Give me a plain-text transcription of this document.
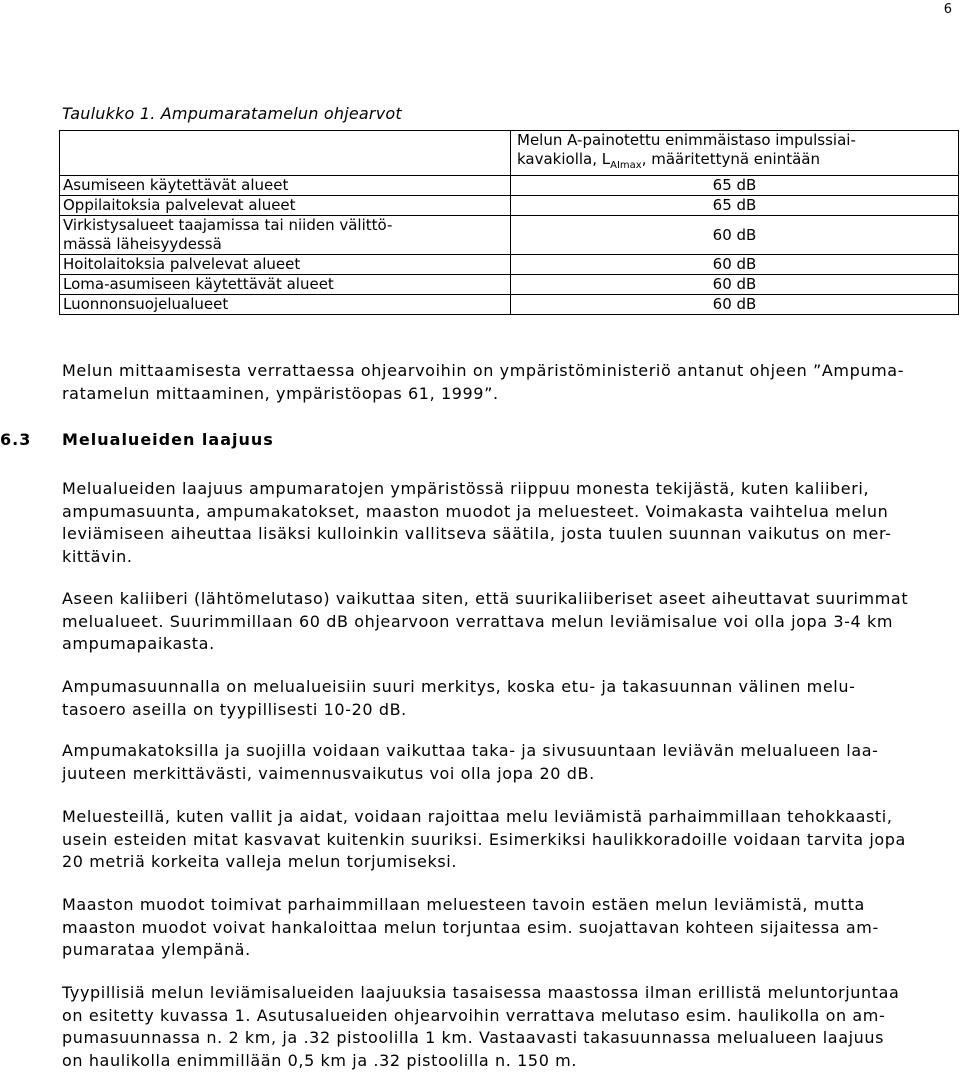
6
Taulukko 1. Ampumaratamelun ohjearvot
	Melun A-painotettu enimmäistaso impulssiai-
kavakiolla, $L_{AImax}$, määritettynä enintään
Asumiseen käytettävät alueet	65 dB
Oppilaitoksia palvelevat alueet	65 dB
Virkistysalueet taajamissa tai niiden välittö-
mässä läheisyydessä	60 dB
Hoitolaitoksia palvelevat alueet	60 dB
Loma-asumiseen käytettävät alueet	60 dB
Luonnonsuojelualueet	60 dB

Melun mittaamisesta verrattaessa ohjearvoihin on ympäristöministeriö antanut ohjeen ”Ampuma-
ratamelun mittaaminen, ympäristöopas 61, 1999”.

6.3 Melualueiden laajuus

Melualueiden laajuus ampumaratojen ympäristössä riippuu monesta tekijästä, kuten kaliiberi,
ampumasuunta, ampumakatokset, maaston muodot ja meluesteet. Voimakasta vaihtelua melun
leviämiseen aiheuttaa lisäksi kulloinkin vallitseva säätila, josta tuulen suunnan vaikutus on mer-
kittävin.

Aseen kaliiberi (lähtömelutaso) vaikuttaa siten, että suurikaliiberiset aseet aiheuttavat suurimmat
melualueet. Suurimmillaan 60 dB ohjearvoon verrattava melun leviämisalue voi olla jopa 3-4 km
ampumapaikasta.

Ampumasuunnalla on melualueisiin suuri merkitys, koska etu- ja takasuunnan välinen melu-
tasoero aseilla on tyypillisesti 10-20 dB.

Ampumakatoksilla ja suojilla voidaan vaikuttaa taka- ja sivusuuntaan leviävän melualueen laa-
juuteen merkittävästi, vaimennusvaikutus voi olla jopa 20 dB.

Meluesteillä, kuten vallit ja aidat, voidaan rajoittaa melu leviämistä parhaimmillaan tehokkaasti,
usein esteiden mitat kasvavat kuitenkin suuriksi. Esimerkiksi haulikkoradoille voidaan tarvita jopa
20 metriä korkeita valleja melun torjumiseksi.

Maaston muodot toimivat parhaimmillaan meluesteen tavoin estäen melun leviämistä, mutta
maaston muodot voivat hankaloittaa melun torjuntaa esim. suojattavan kohteen sijaitessa am-
pumarataa ylempänä.

Tyypillisiä melun leviämisalueiden laajuuksia tasaisessa maastossa ilman erillistä meluntorjuntaa
on esitetty kuvassa 1. Asutusalueiden ohjearvoihin verrattava melutaso esim. haulikolla on am-
pumasuunnassa n. 2 km, ja .32 pistoolilla 1 km. Vastaavasti takasuunnassa melualueen laajuus
on haulikolla enimmillään 0,5 km ja .32 pistoolilla n. 150 m.
